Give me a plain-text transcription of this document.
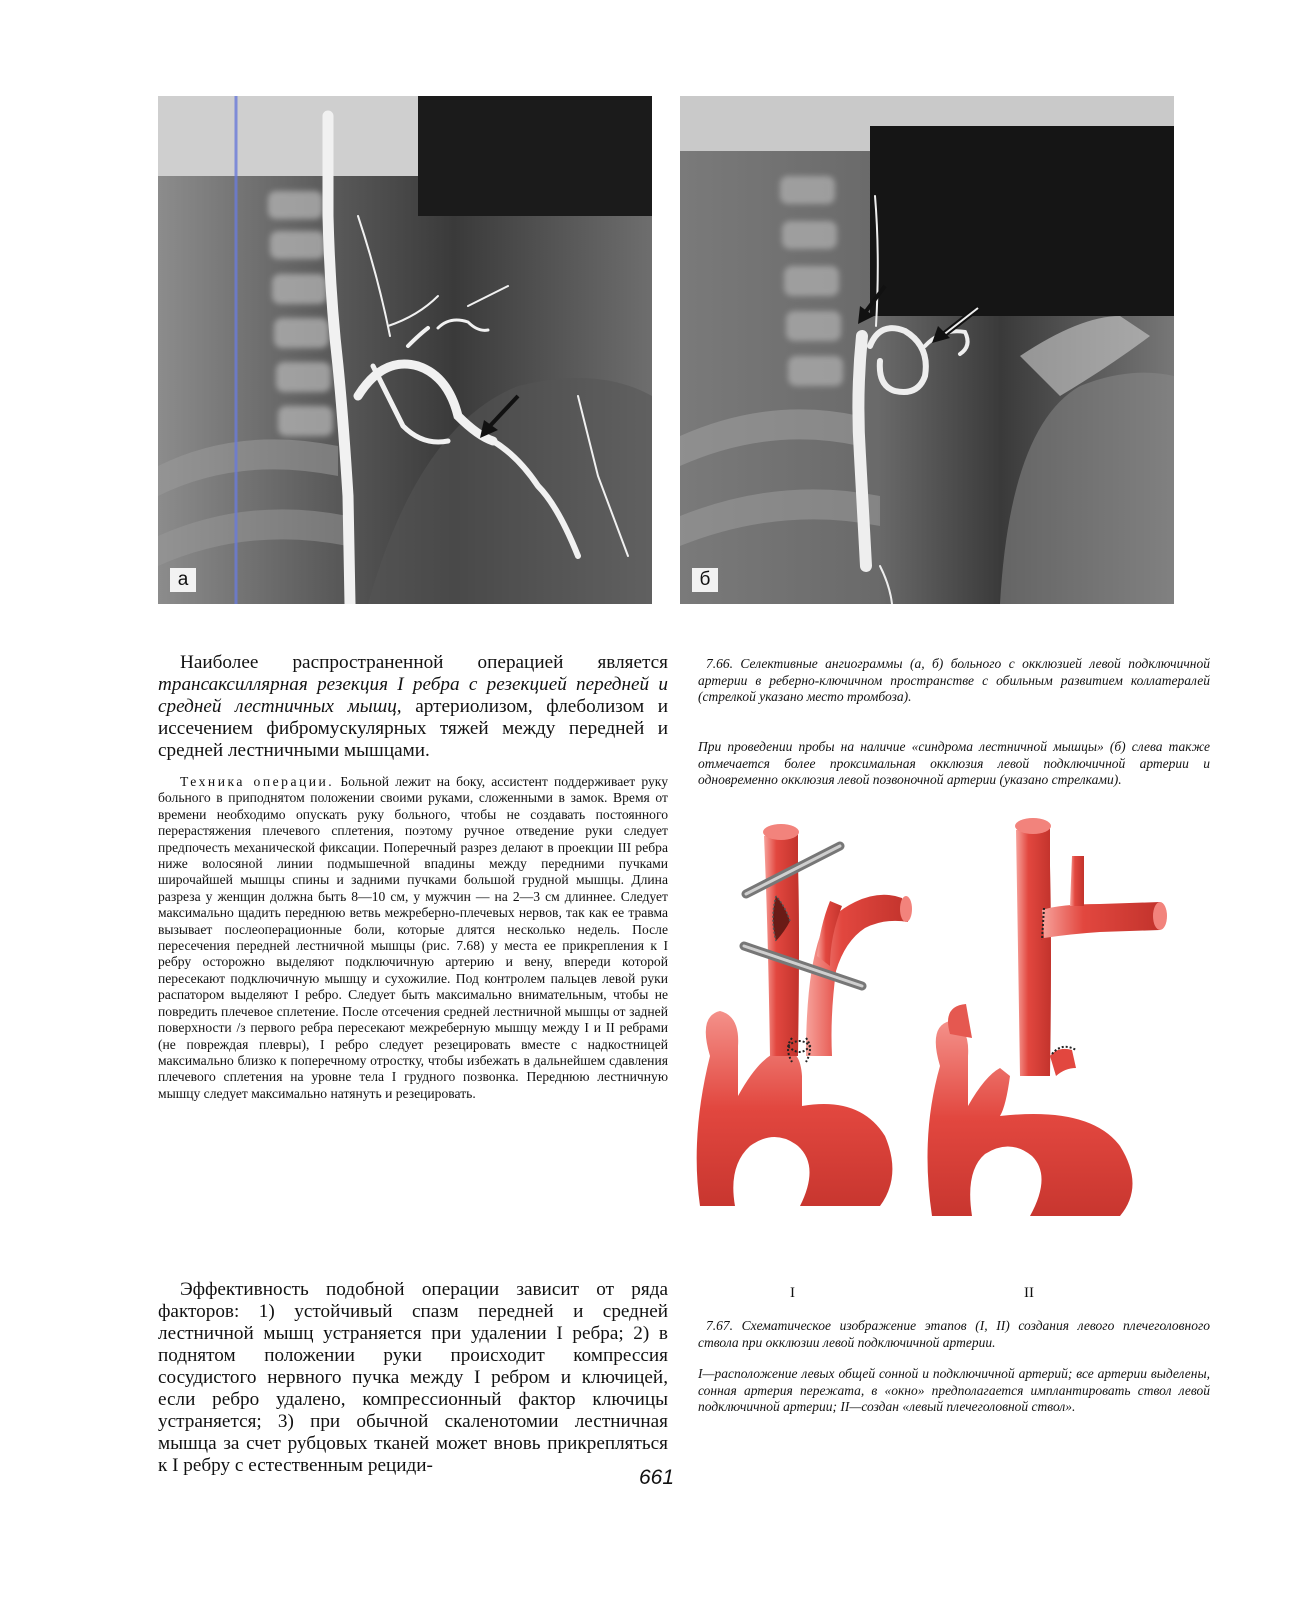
а	б

Наиболее распространенной операцией является трансаксиллярная резекция I ребра с резекцией передней и средней лестничных мышц, артериолизом, флеболизом и иссечением фибромускулярных тяжей между передней и средней лестничными мышцами.

Техника операции. Больной лежит на боку, ассистент поддерживает руку больного в приподнятом положении своими руками, сложенными в замок. Время от времени необходимо опускать руку больного, чтобы не создавать постоянного перерастяжения плечевого сплетения, поэтому ручное отведение руки следует предпочесть механической фиксации. Поперечный разрез делают в проекции III ребра ниже волосяной линии подмышечной впадины между передними пучками широчайшей мышцы спины и задними пучками большой грудной мышцы. Длина разреза у женщин должна быть 8—10 см, у мужчин — на 2—3 см длиннее. Следует максимально щадить переднюю ветвь межреберно-плечевых нервов, так как ее травма вызывает послеоперационные боли, которые длятся несколько недель. После пересечения передней лестничной мышцы (рис. 7.68) у места ее прикрепления к I ребру осторожно выделяют подключичную артерию и вену, впереди которой пересекают подключичную мышцу и сухожилие. Под контролем пальцев левой руки распатором выделяют I ребро. Следует быть максимально внимательным, чтобы не повредить плечевое сплетение. После отсечения средней лестничной мышцы от задней поверхности /з первого ребра пересекают межреберную мышцу между I и II ребрами (не повреждая плевры), I ребро следует резецировать вместе с надкостницей максимально близко к поперечному отростку, чтобы избежать в дальнейшем сдавления плечевого сплетения на уровне тела I грудного позвонка. Переднюю лестничную мышцу следует максимально натянуть и резецировать.

Эффективность подобной операции зависит от ряда факторов: 1) устойчивый спазм передней и средней лестничной мышц устраняется при удалении I ребра; 2) в поднятом положении руки происходит компрессия сосудистого нервного пучка между I ребром и ключицей, если ребро удалено, компрессионный фактор ключицы устраняется; 3) при обычной скаленотомии лестничная мышца за счет рубцовых тканей может вновь прикрепляться к I ребру с естественным рециди-

7.66. Селективные ангиограммы (а, б) больного с окклюзией левой подключичной артерии в реберно-ключичном пространстве с обильным развитием коллатералей (стрелкой указано место тромбоза).

При проведении пробы на наличие «синдрома лестничной мышцы» (б) слева также отмечается более проксимальная окклюзия левой подключичной артерии и одновременно окклюзия левой позвоночной артерии (указано стрелками).

I	II

7.67. Схематическое изображение этапов (I, II) создания левого плечеголовного ствола при окклюзии левой подключичной артерии.

I—расположение левых общей сонной и подключичной артерий; все артерии выделены, сонная артерия пережата, в «окно» предполагается имплантировать ствол левой подключичной артерии; II—создан «левый плечеголовной ствол».

661
